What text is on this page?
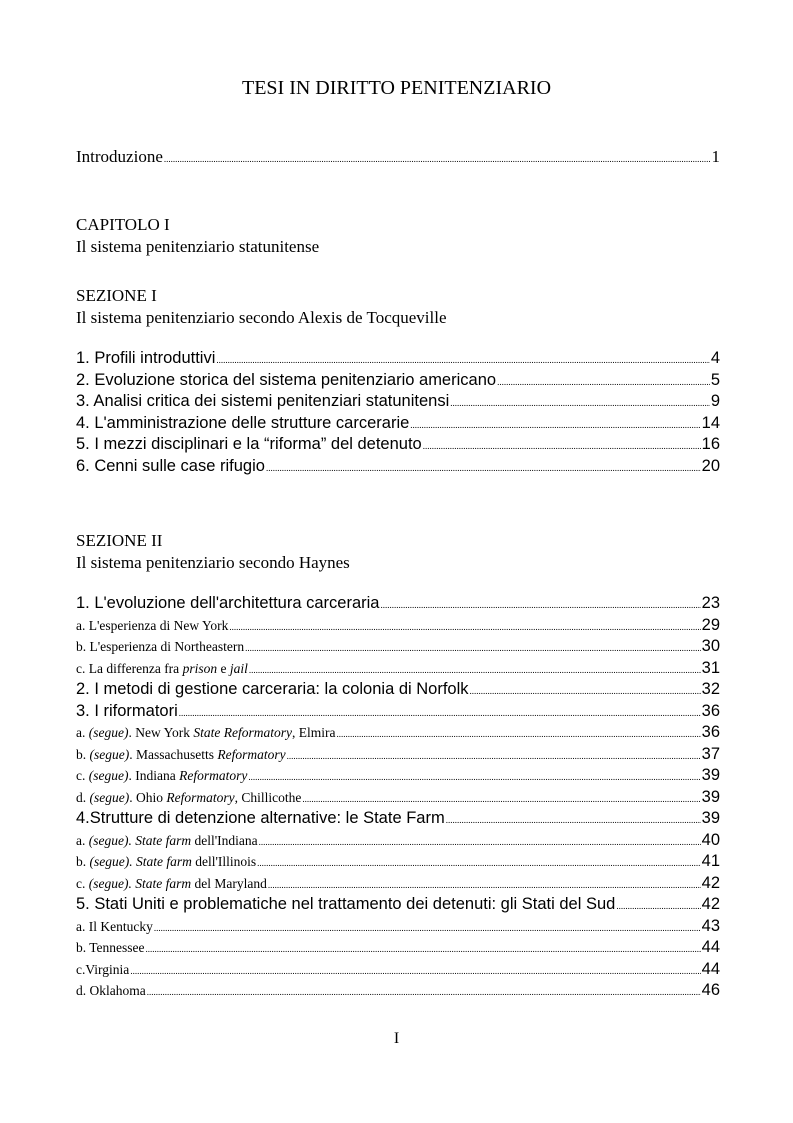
TESI IN DIRITTO PENITENZIARIO
Introduzione .....	1
CAPITOLO I
Il sistema penitenziario statunitense
SEZIONE I
Il sistema penitenziario secondo Alexis de Tocqueville
1. Profili introduttivi .....	4
2. Evoluzione storica del sistema penitenziario americano .....	5
3. Analisi critica dei sistemi penitenziari statunitensi .....	9
4. L'amministrazione delle strutture carcerarie .....	14
5. I mezzi disciplinari e la “riforma” del detenuto .....	16
6. Cenni sulle case rifugio .....	20
SEZIONE II
Il sistema penitenziario secondo Haynes
1. L'evoluzione dell'architettura carceraria .....	23
a. L'esperienza di New York .....	29
b. L'esperienza di Northeastern .....	30
c. La differenza fra prison e jail .....	31
2. I metodi di gestione carceraria: la colonia di Norfolk .....	32
3. I riformatori .....	36
a. (segue). New York State Reformatory, Elmira .....	36
b. (segue). Massachusetts Reformatory .....	37
c. (segue). Indiana Reformatory .....	39
d. (segue). Ohio Reformatory, Chillicothe .....	39
4.Strutture di detenzione alternative: le State Farm .....	39
a. (segue). State farm dell'Indiana .....	40
b. (segue). State farm dell'Illinois .....	41
c. (segue). State farm del Maryland .....	42
5. Stati Uniti e problematiche nel trattamento dei detenuti: gli Stati del Sud .....	42
a. Il Kentucky .....	43
b. Tennessee .....	44
c.Virginia .....	44
d. Oklahoma .....	46
I
